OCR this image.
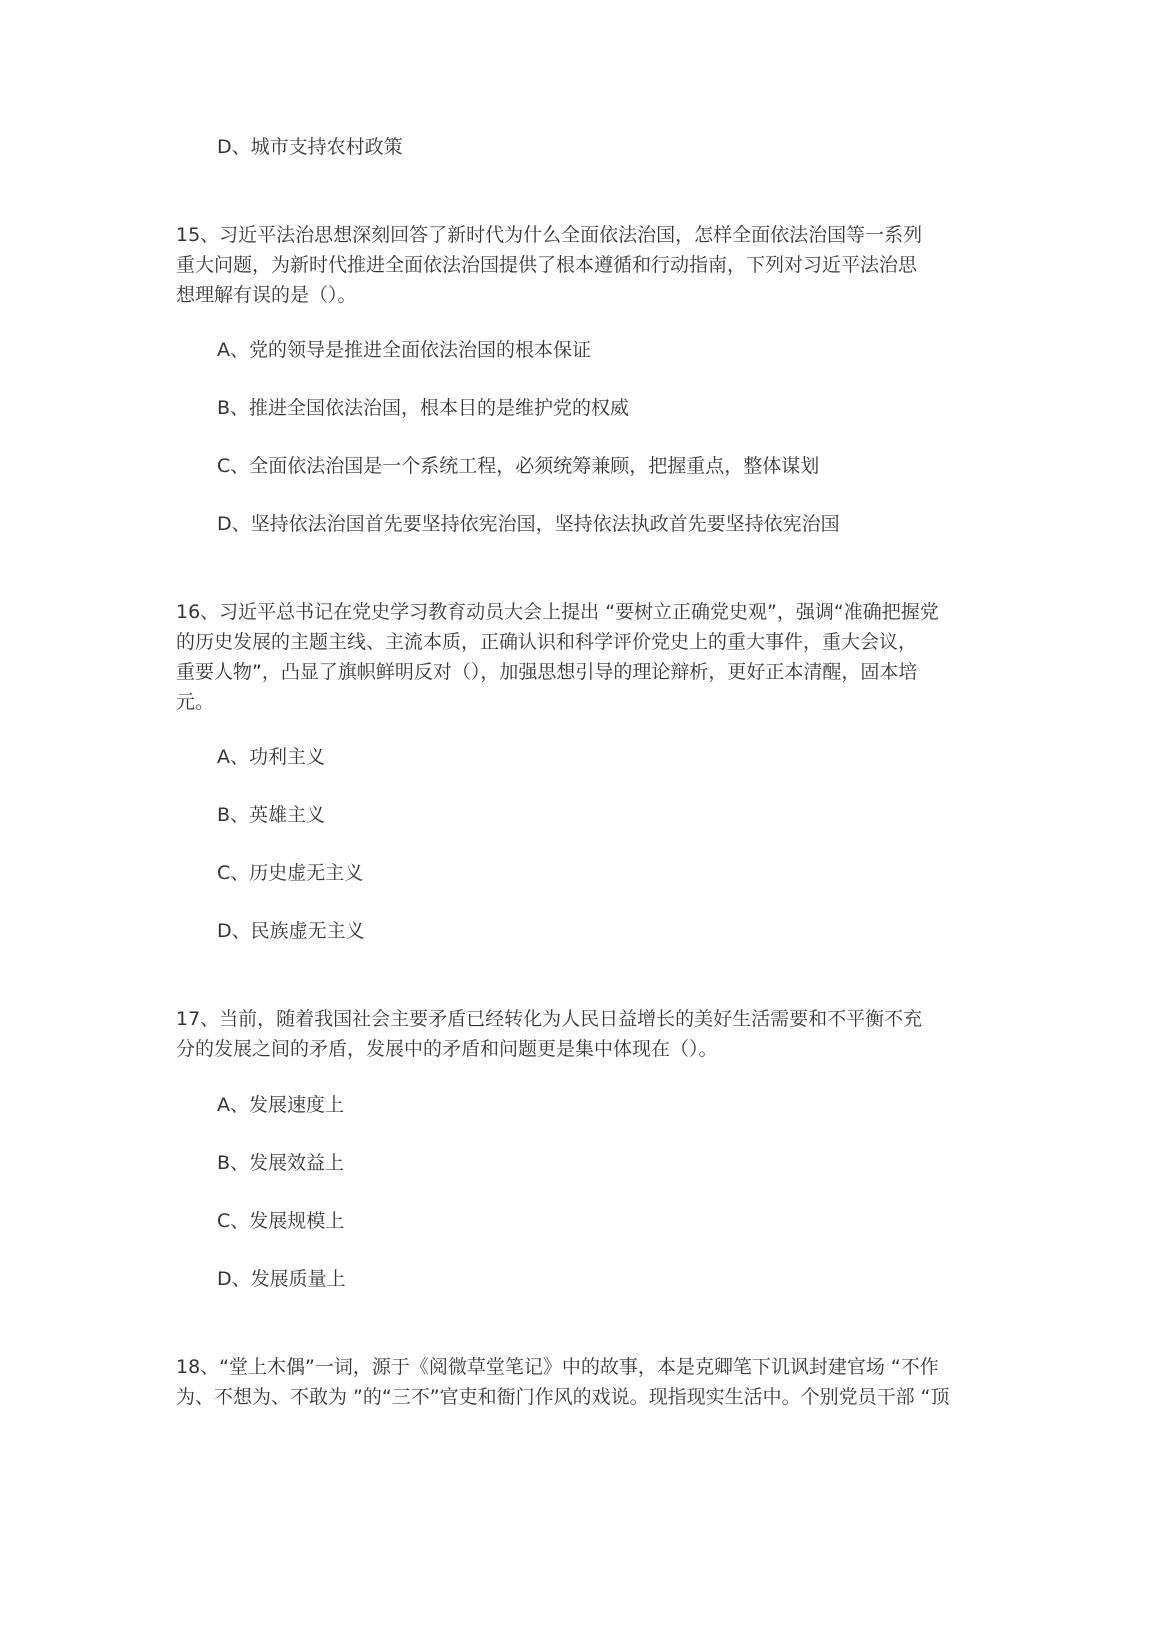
D、城市支持农村政策
15、习近平法治思想深刻回答了新时代为什么全面依法治国，怎样全面依法治国等一系列
重大问题，为新时代推进全面依法治国提供了根本遵循和行动指南，下列对习近平法治思
想理解有误的是（）。
A、党的领导是推进全面依法治国的根本保证
B、推进全国依法治国，根本目的是维护党的权威
C、全面依法治国是一个系统工程，必须统筹兼顾，把握重点，整体谋划
D、坚持依法治国首先要坚持依宪治国，坚持依法执政首先要坚持依宪治国
16、习近平总书记在党史学习教育动员大会上提出 “要树立正确党史观”，强调“准确把握党
的历史发展的主题主线、主流本质，正确认识和科学评价党史上的重大事件，重大会议，
重要人物”，凸显了旗帜鲜明反对（），加强思想引导的理论辩析，更好正本清醒，固本培
元。
A、功利主义
B、英雄主义
C、历史虚无主义
D、民族虚无主义
17、当前，随着我国社会主要矛盾已经转化为人民日益增长的美好生活需要和不平衡不充
分的发展之间的矛盾，发展中的矛盾和问题更是集中体现在（）。
A、发展速度上
B、发展效益上
C、发展规模上
D、发展质量上
18、“堂上木偶”一词，源于《阅微草堂笔记》中的故事，本是克卿笔下讥讽封建官场 “不作
为、不想为、不敢为 ”的“三不”官吏和衙门作风的戏说。现指现实生活中。个别党员干部 “顶
